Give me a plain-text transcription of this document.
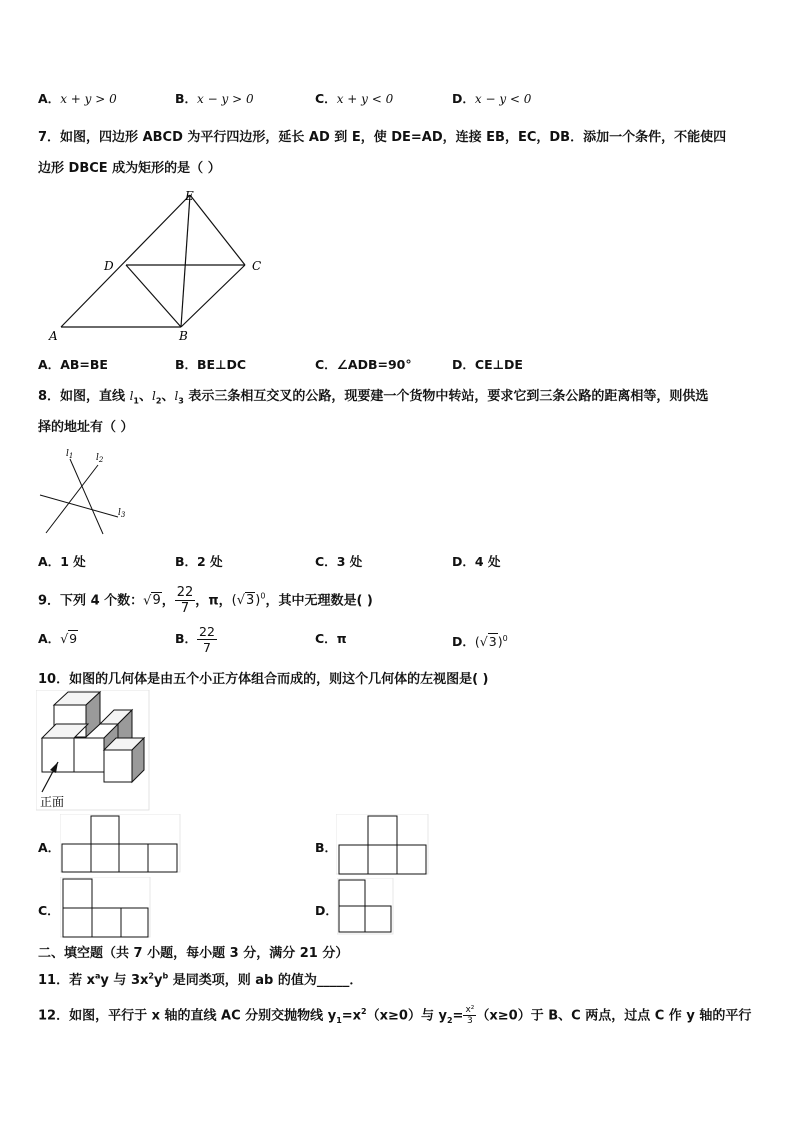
A．x + y > 0	B．x − y > 0	C．x + y < 0	D．x − y < 0
7．如图，四边形 ABCD 为平行四边形，延长 AD 到 E，使 DE=AD，连接 EB，EC，DB．添加一个条件，不能使四
边形 DBCE 成为矩形的是（ ）
E
D	C
A	B
A．AB=BE	B．BE⊥DC	C．∠ADB=90°	D．CE⊥DE
8．如图，直线 $l_1$、$l_2$、$l_3$ 表示三条相互交叉的公路，现要建一个货物中转站，要求它到三条公路的距离相等，则供选
择的地址有（ ）
$l_1$	$l_2$
$l_3$
A．1 处	B．2 处	C．3 处	D．4 处
9．下列 4 个数：√9， $\frac{22}{7}$ ，π，$(√3)^0$，其中无理数是( )
A．√9	B． $\frac{22}{7}$	C．π	D．$(√3)^0$
10．如图的几何体是由五个小正方体组合而成的，则这个几何体的左视图是( )
正面
A．	B．
C．	D．
二、填空题（共 7 小题，每小题 3 分，满分 21 分）
11．若 $x^ay$ 与 $3x^2y^b$ 是同类项，则 ab 的值为_____．
12．如图，平行于 x 轴的直线 AC 分别交抛物线 $y_1=x^2(x\ge 0)$与 $y_2= \frac{\text{x²}}{3} (x\ge 0)$于 B、C 两点，过点 C 作 y 轴的平行
